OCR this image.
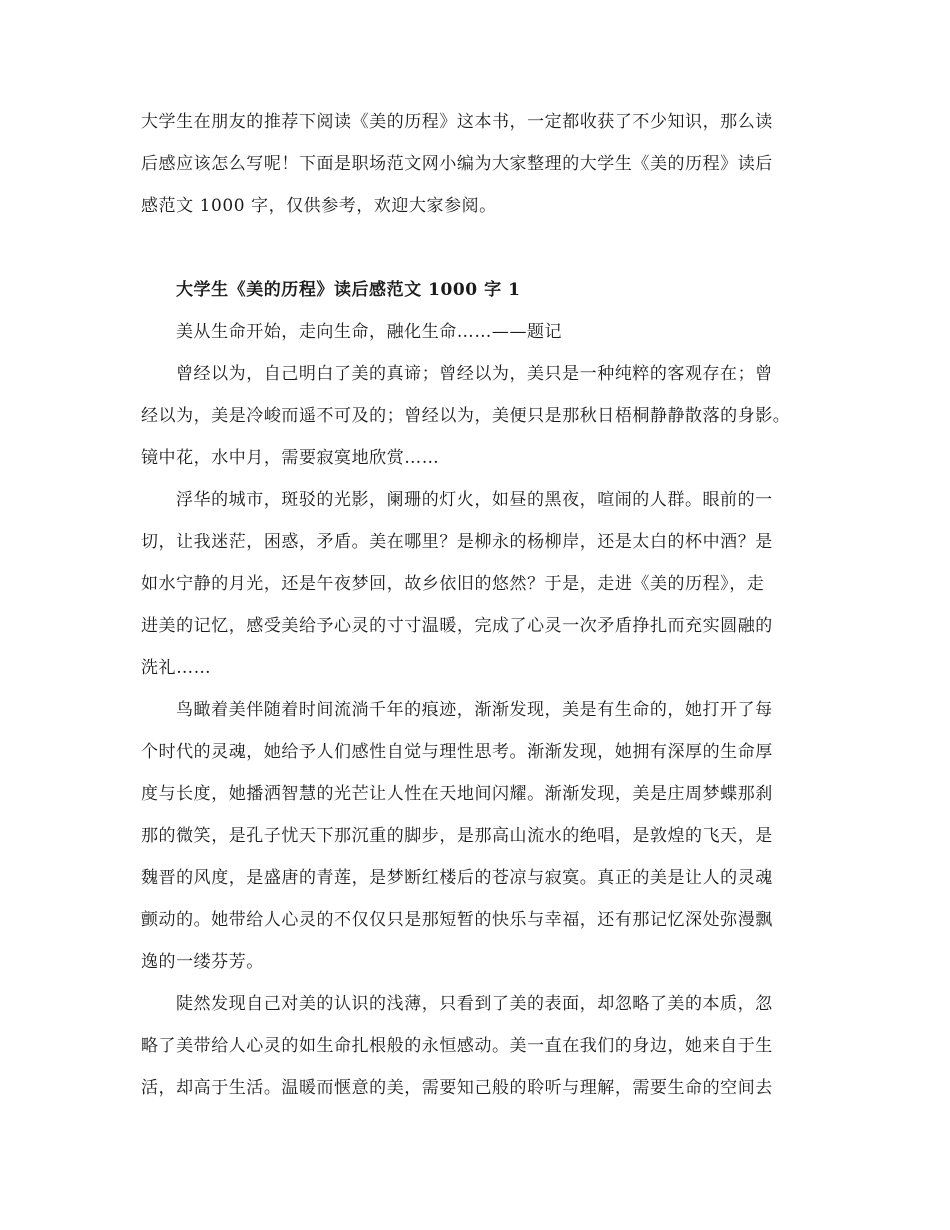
大学生在朋友的推荐下阅读《美的历程》这本书，一定都收获了不少知识，那么读
后感应该怎么写呢！下面是职场范文网小编为大家整理的大学生《美的历程》读后
感范文 1000 字，仅供参考，欢迎大家参阅。
大学生《美的历程》读后感范文 1000 字 1
美从生命开始，走向生命，融化生命……——题记
曾经以为，自己明白了美的真谛；曾经以为，美只是一种纯粹的客观存在；曾
经以为，美是冷峻而遥不可及的；曾经以为，美便只是那秋日梧桐静静散落的身影。
镜中花，水中月，需要寂寞地欣赏……
浮华的城市，斑驳的光影，阑珊的灯火，如昼的黑夜，喧闹的人群。眼前的一
切，让我迷茫，困惑，矛盾。美在哪里？是柳永的杨柳岸，还是太白的杯中酒？是
如水宁静的月光，还是午夜梦回，故乡依旧的悠然？于是，走进《美的历程》，走
进美的记忆，感受美给予心灵的寸寸温暖，完成了心灵一次矛盾挣扎而充实圆融的
洗礼……
鸟瞰着美伴随着时间流淌千年的痕迹，渐渐发现，美是有生命的，她打开了每
个时代的灵魂，她给予人们感性自觉与理性思考。渐渐发现，她拥有深厚的生命厚
度与长度，她播洒智慧的光芒让人性在天地间闪耀。渐渐发现，美是庄周梦蝶那刹
那的微笑，是孔子忧天下那沉重的脚步，是那高山流水的绝唱，是敦煌的飞天，是
魏晋的风度，是盛唐的青莲，是梦断红楼后的苍凉与寂寞。真正的美是让人的灵魂
颤动的。她带给人心灵的不仅仅只是那短暂的快乐与幸福，还有那记忆深处弥漫飘
逸的一缕芬芳。
陡然发现自己对美的认识的浅薄，只看到了美的表面，却忽略了美的本质，忽
略了美带给人心灵的如生命扎根般的永恒感动。美一直在我们的身边，她来自于生
活，却高于生活。温暖而惬意的美，需要知己般的聆听与理解，需要生命的空间去
